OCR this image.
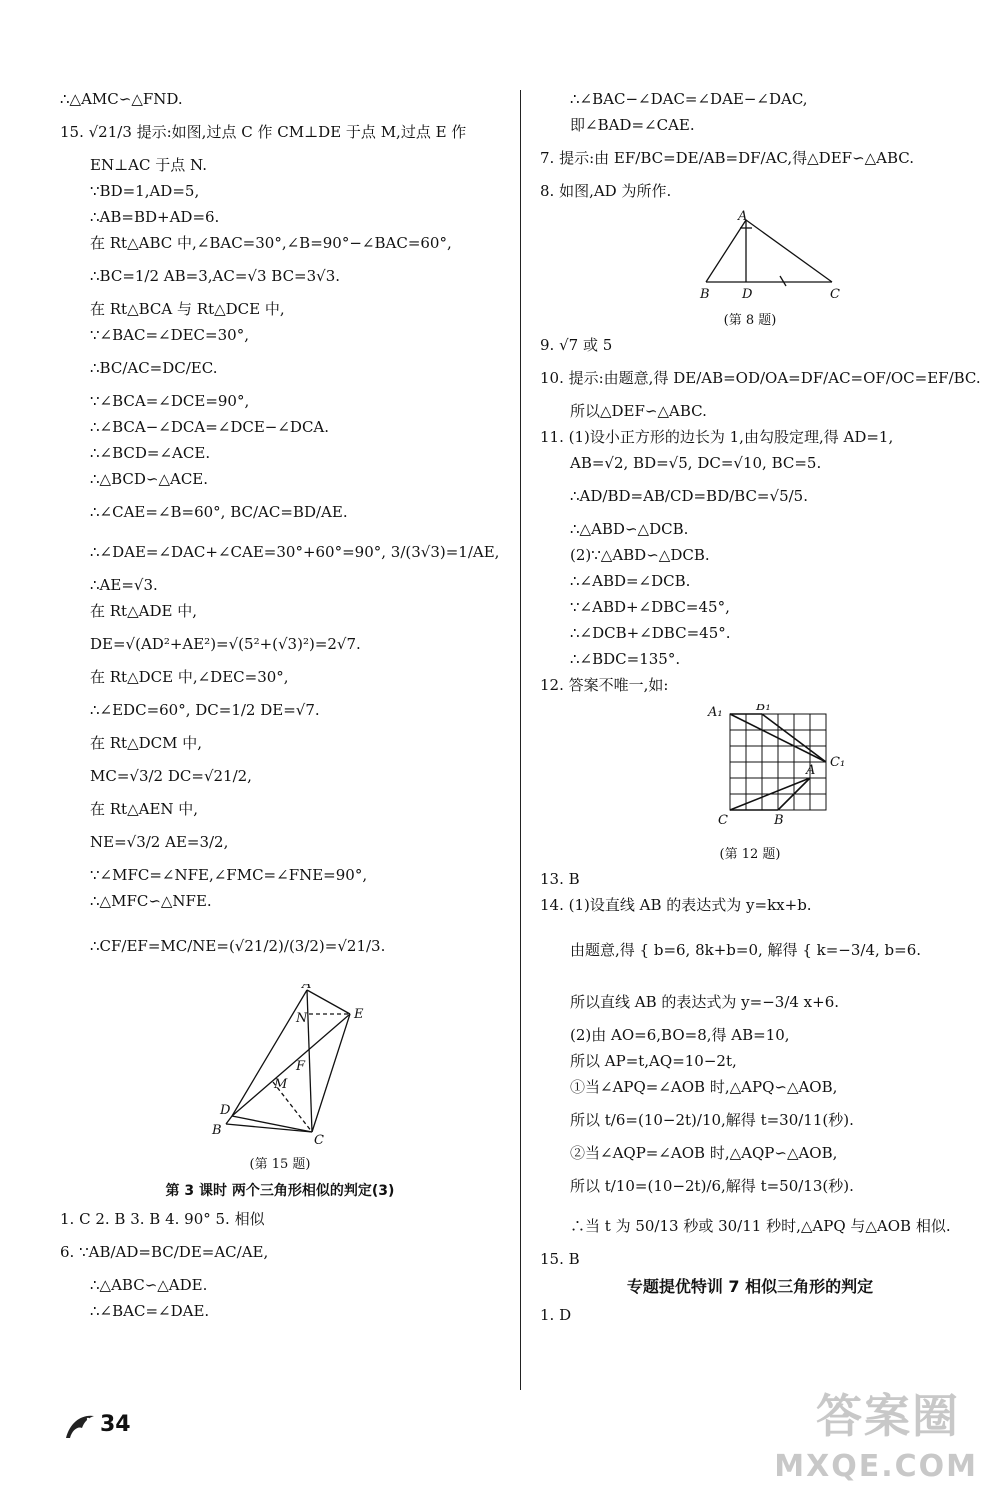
∴△AMC∽△FND.
15. √21/3 提示:如图,过点 C 作 CM⊥DE 于点 M,过点 E 作
EN⊥AC 于点 N.
∵BD=1,AD=5,
∴AB=BD+AD=6.
在 Rt△ABC 中,∠BAC=30°,∠B=90°−∠BAC=60°,
∴BC=1/2 AB=3,AC=√3 BC=3√3.
在 Rt△BCA 与 Rt△DCE 中,
∵∠BAC=∠DEC=30°,
∴BC/AC=DC/EC.
∵∠BCA=∠DCE=90°,
∴∠BCA−∠DCA=∠DCE−∠DCA.
∴∠BCD=∠ACE.
∴△BCD∽△ACE.
∴∠CAE=∠B=60°, BC/AC=BD/AE.
∴∠DAE=∠DAC+∠CAE=30°+60°=90°, 3/(3√3)=1/AE,
∴AE=√3.
在 Rt△ADE 中,
DE=√(AD²+AE²)=√(5²+(√3)²)=2√7.
在 Rt△DCE 中,∠DEC=30°,
∴∠EDC=60°, DC=1/2 DE=√7.
在 Rt△DCM 中,
MC=√3/2 DC=√21/2,
在 Rt△AEN 中,
NE=√3/2 AE=3/2,
∵∠MFC=∠NFE,∠FMC=∠FNE=90°,
∴△MFC∽△NFE.
∴CF/EF=MC/NE=(√21/2)/(3/2)=√21/3.
A
E
N
F
M
D
B
C
(第 15 题)
第 3 课时 两个三角形相似的判定(3)
1. C 2. B 3. B 4. 90° 5. 相似
6. ∵AB/AD=BC/DE=AC/AE,
∴△ABC∽△ADE.
∴∠BAC=∠DAE.
∴∠BAC−∠DAC=∠DAE−∠DAC,
即∠BAD=∠CAE.
7. 提示:由 EF/BC=DE/AB=DF/AC,得△DEF∽△ABC.
8. 如图,AD 为所作.
A
B D	C
(第 8 题)
9. √7 或 5
10. 提示:由题意,得 DE/AB=OD/OA=DF/AC=OF/OC=EF/BC.
所以△DEF∽△ABC.
11. (1)设小正方形的边长为 1,由勾股定理,得 AD=1,
AB=√2, BD=√5, DC=√10, BC=5.
∴AD/BD=AB/CD=BD/BC=√5/5.
∴△ABD∽△DCB.
(2)∵△ABD∽△DCB.
∴∠ABD=∠DCB.
∵∠ABD+∠DBC=45°,
∴∠DCB+∠DBC=45°.
∴∠BDC=135°.
12. 答案不唯一,如:
A₁	B₁
C₁
A
C	B
(第 12 题)
13. B
14. (1)设直线 AB 的表达式为 y=kx+b.
由题意,得 { b=6, 8k+b=0, 解得 { k=−3/4, b=6.
所以直线 AB 的表达式为 y=−3/4 x+6.
(2)由 AO=6,BO=8,得 AB=10,
所以 AP=t,AQ=10−2t,
①当∠APQ=∠AOB 时,△APQ∽△AOB,
所以 t/6=(10−2t)/10,解得 t=30/11(秒).
②当∠AQP=∠AOB 时,△AQP∽△AOB,
所以 t/10=(10−2t)/6,解得 t=50/13(秒).
∴当 t 为 50/13 秒或 30/11 秒时,△APQ 与△AOB 相似.
15. B
专题提优特训 7 相似三角形的判定
1. D
34	答案圈
MXQE.COM
